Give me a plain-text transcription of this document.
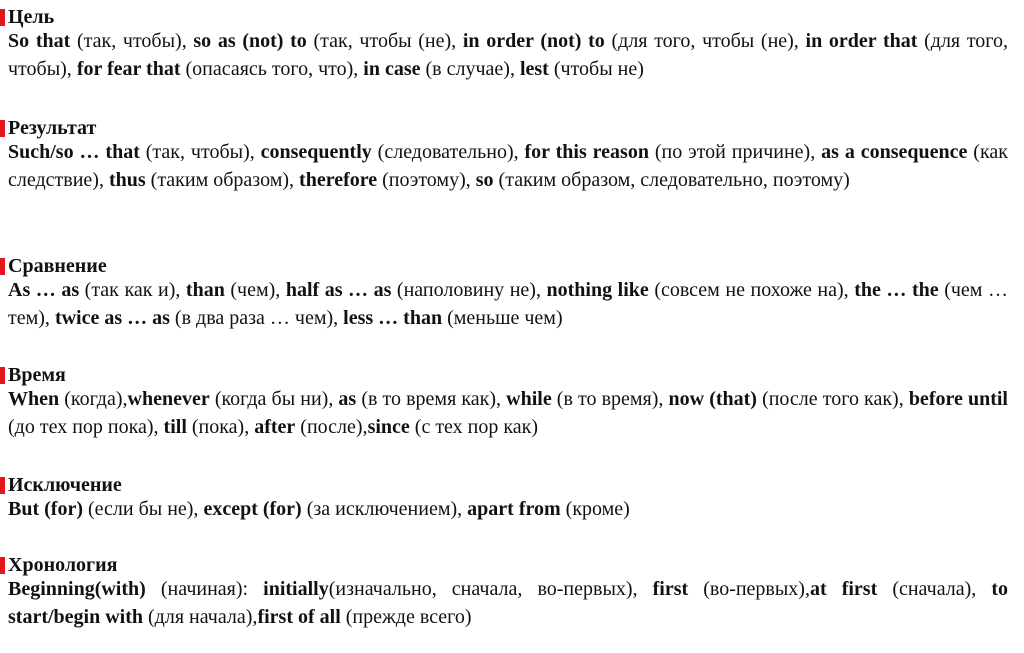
Цель
So that (так, чтобы), so as (not) to (так, чтобы (не), in order (not) to (для того, чтобы (не), in order that (для того, чтобы), for fear that (опасаясь того, что), in case (в случае), lest (чтобы не)
Результат
Such/so … that (так, чтобы), consequently (следовательно), for this reason (по этой причине), as a consequence (как следствие), thus (таким образом), therefore (поэтому), so (таким образом, следовательно, поэтому)
Сравнение
As … as (так как и), than (чем), half as … as (наполовину не), nothing like (совсем не похоже на), the … the (чем … тем), twice as … as (в два раза … чем), less … than (меньше чем)
Время
When (когда),whenever (когда бы ни), as (в то время как), while (в то время), now (that) (после того как), before until (до тех пор пока), till (пока), after (после),since (с тех пор как)
Исключение
But (for) (если бы не), except (for) (за исключением), apart from (кроме)
Хронология
Beginning(with) (начиная): initially(изначально, сначала, во-первых), first (во-первых),at first (сначала), to start/begin with (для начала),first of all (прежде всего)
